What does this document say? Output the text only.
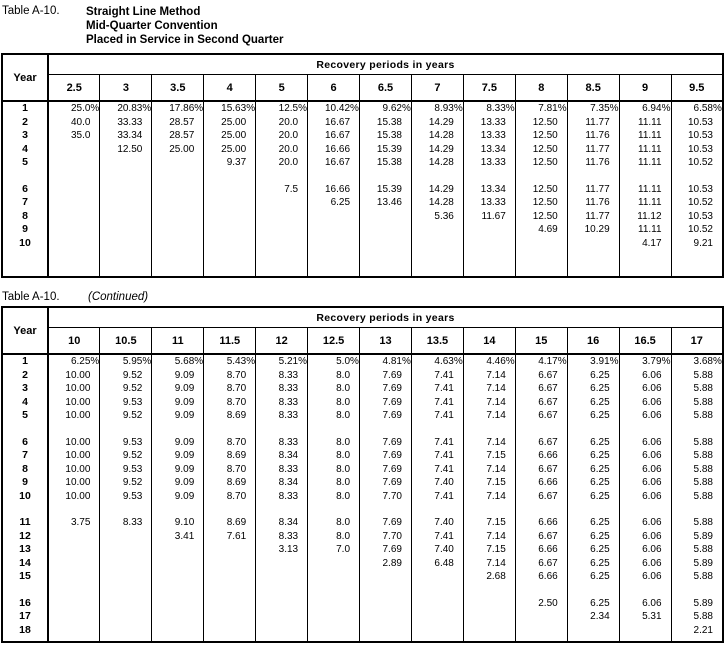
Table A-10.	Straight Line Method
Mid-Quarter Convention
Placed in Service in Second Quarter
Year	Recovery periods in years												
	2.5	3	3.5	4	5	6	6.5	7	7.5	8	8.5	9	9.5
1	25.0%	20.83%	17.86%	15.63%	12.5%	10.42%	9.62%	8.93%	8.33%	7.81%	7.35%	6.94%	6.58%
2	40.0	33.33	28.57	25.00	20.0	16.67	15.38	14.29	13.33	12.50	11.77	11.11	10.53
3	35.0	33.34	28.57	25.00	20.0	16.67	15.38	14.28	13.33	12.50	11.76	11.11	10.53
4		12.50	25.00	25.00	20.0	16.66	15.39	14.29	13.34	12.50	11.77	11.11	10.53
5				9.37	20.0	16.67	15.38	14.28	13.33	12.50	11.76	11.11	10.52

6					7.5	16.66	15.39	14.29	13.34	12.50	11.77	11.11	10.53
7						6.25	13.46	14.28	13.33	12.50	11.76	11.11	10.52
8								5.36	11.67	12.50	11.77	11.12	10.53
9										4.69	10.29	11.11	10.52
10												4.17	9.21

Table A-10.	(Continued)
Year	Recovery periods in years												
	10	10.5	11	11.5	12	12.5	13	13.5	14	15	16	16.5	17
1	6.25%	5.95%	5.68%	5.43%	5.21%	5.0%	4.81%	4.63%	4.46%	4.17%	3.91%	3.79%	3.68%
2	10.00	9.52	9.09	8.70	8.33	8.0	7.69	7.41	7.14	6.67	6.25	6.06	5.88
3	10.00	9.52	9.09	8.70	8.33	8.0	7.69	7.41	7.14	6.67	6.25	6.06	5.88
4	10.00	9.53	9.09	8.70	8.33	8.0	7.69	7.41	7.14	6.67	6.25	6.06	5.88
5	10.00	9.52	9.09	8.69	8.33	8.0	7.69	7.41	7.14	6.67	6.25	6.06	5.88

6	10.00	9.53	9.09	8.70	8.33	8.0	7.69	7.41	7.14	6.67	6.25	6.06	5.88
7	10.00	9.52	9.09	8.69	8.34	8.0	7.69	7.41	7.15	6.66	6.25	6.06	5.88
8	10.00	9.53	9.09	8.70	8.33	8.0	7.69	7.41	7.14	6.67	6.25	6.06	5.88
9	10.00	9.52	9.09	8.69	8.34	8.0	7.69	7.40	7.15	6.66	6.25	6.06	5.88
10	10.00	9.53	9.09	8.70	8.33	8.0	7.70	7.41	7.14	6.67	6.25	6.06	5.88

11	3.75	8.33	9.10	8.69	8.34	8.0	7.69	7.40	7.15	6.66	6.25	6.06	5.88
12			3.41	7.61	8.33	8.0	7.70	7.41	7.14	6.67	6.25	6.06	5.89
13					3.13	7.0	7.69	7.40	7.15	6.66	6.25	6.06	5.88
14							2.89	6.48	7.14	6.67	6.25	6.06	5.89
15									2.68	6.66	6.25	6.06	5.88

16										2.50	6.25	6.06	5.89
17											2.34	5.31	5.88
18													2.21
